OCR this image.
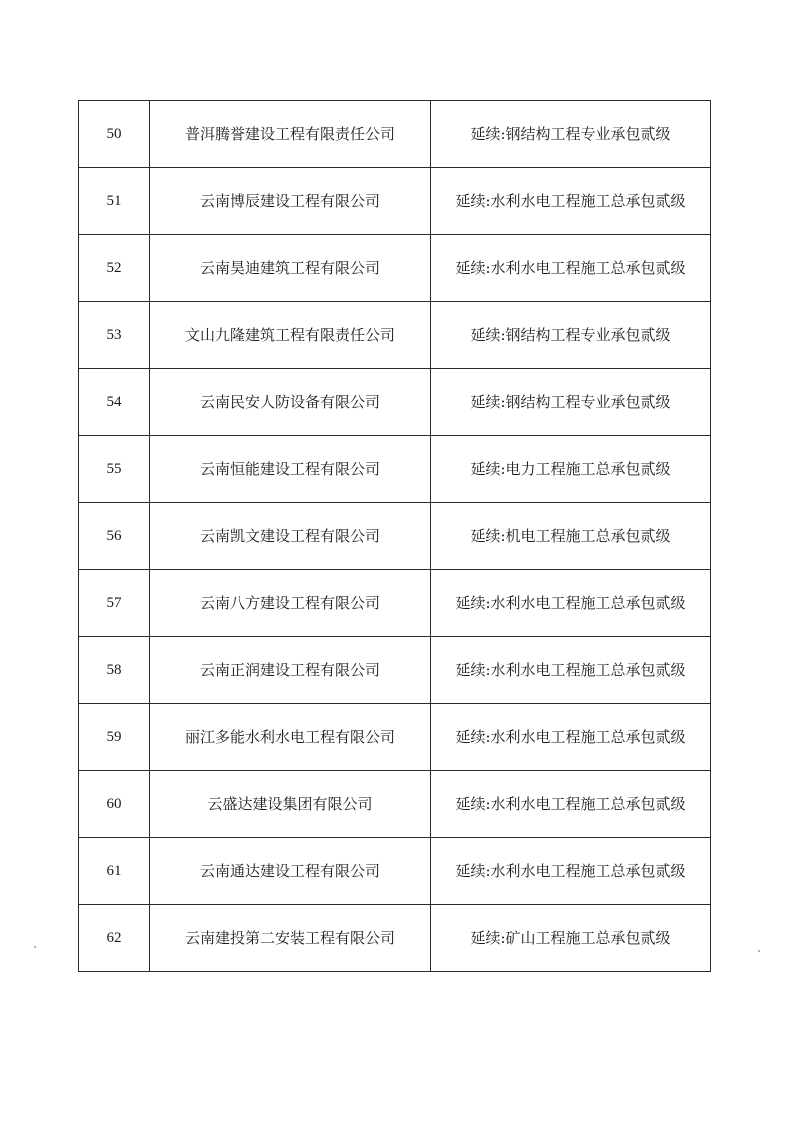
50	普洱腾誉建设工程有限责任公司	延续:钢结构工程专业承包贰级
51	云南博辰建设工程有限公司	延续:水利水电工程施工总承包贰级
52	云南昊迪建筑工程有限公司	延续:水利水电工程施工总承包贰级
53	文山九隆建筑工程有限责任公司	延续:钢结构工程专业承包贰级
54	云南民安人防设备有限公司	延续:钢结构工程专业承包贰级
55	云南恒能建设工程有限公司	延续:电力工程施工总承包贰级
56	云南凯文建设工程有限公司	延续:机电工程施工总承包贰级
57	云南八方建设工程有限公司	延续:水利水电工程施工总承包贰级
58	云南正润建设工程有限公司	延续:水利水电工程施工总承包贰级
59	丽江多能水利水电工程有限公司	延续:水利水电工程施工总承包贰级
60	云盛达建设集团有限公司	延续:水利水电工程施工总承包贰级
61	云南通达建设工程有限公司	延续:水利水电工程施工总承包贰级
62	云南建投第二安装工程有限公司	延续:矿山工程施工总承包贰级
